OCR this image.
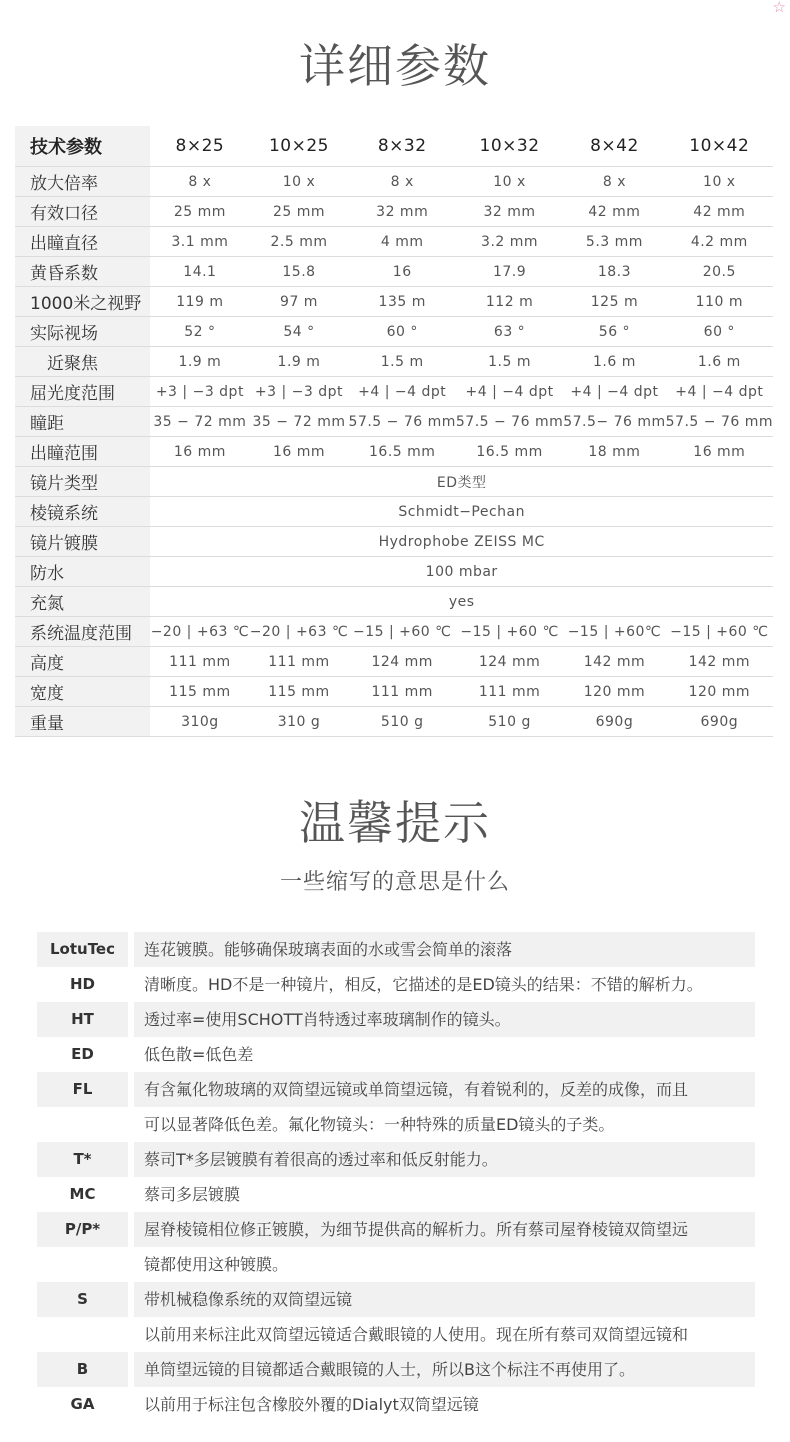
☆
详细参数
技术参数	8×25	10×25	8×32	10×32	8×42	10×42
放大倍率	8 x	10 x	8 x	10 x	8 x	10 x
有效口径	25 mm	25 mm	32 mm	32 mm	42 mm	42 mm
出瞳直径	3.1 mm	2.5 mm	4 mm	3.2 mm	5.3 mm	4.2 mm
黄昏系数	14.1	15.8	16	17.9	18.3	20.5
1000米之视野	119 m	97 m	135 m	112 m	125 m	110 m
实际视场	52 °	54 °	60 °	63 °	56 °	60 °
近聚焦	1.9 m	1.9 m	1.5 m	1.5 m	1.6 m	1.6 m
屈光度范围	+3 | −3 dpt	+3 | −3 dpt	+4 | −4 dpt	+4 | −4 dpt	+4 | −4 dpt	+4 | −4 dpt
瞳距	35 − 72 mm	35 − 72 mm	57.5 − 76 mm	57.5 − 76 mm	57.5− 76 mm	57.5 − 76 mm
出瞳范围	16 mm	16 mm	16.5 mm	16.5 mm	18 mm	16 mm
镜片类型	ED类型					
棱镜系统	Schmidt−Pechan					
镜片镀膜	Hydrophobe ZEISS MC					
防水	100 mbar					
充氮	yes					
系统温度范围	−20 | +63 ℃	−20 | +63 ℃	−15 | +60 ℃	−15 | +60 ℃	−15 | +60℃	−15 | +60 ℃
高度	111 mm	111 mm	124 mm	124 mm	142 mm	142 mm
宽度	115 mm	115 mm	111 mm	111 mm	120 mm	120 mm
重量	310g	310 g	510 g	510 g	690g	690g
温馨提示
一些缩写的意思是什么
LotuTec	连花镀膜。能够确保玻璃表面的水或雪会简单的滚落
HD	清晰度。HD不是一种镜片，相反，它描述的是ED镜头的结果：不错的解析力。
HT	透过率=使用SCHOTT肖特透过率玻璃制作的镜头。
ED	低色散=低色差
FL	有含氟化物玻璃的双筒望远镜或单筒望远镜，有着锐利的，反差的成像，而且
可以显著降低色差。氟化物镜头：一种特殊的质量ED镜头的子类。
T*	蔡司T*多层镀膜有着很高的透过率和低反射能力。
MC	蔡司多层镀膜
P/P*	屋脊棱镜相位修正镀膜，为细节提供高的解析力。所有蔡司屋脊棱镜双筒望远
镜都使用这种镀膜。
S	带机械稳像系统的双筒望远镜
以前用来标注此双筒望远镜适合戴眼镜的人使用。现在所有蔡司双筒望远镜和
B	单筒望远镜的目镜都适合戴眼镜的人士，所以B这个标注不再使用了。
GA	以前用于标注包含橡胶外覆的Dialyt双筒望远镜
